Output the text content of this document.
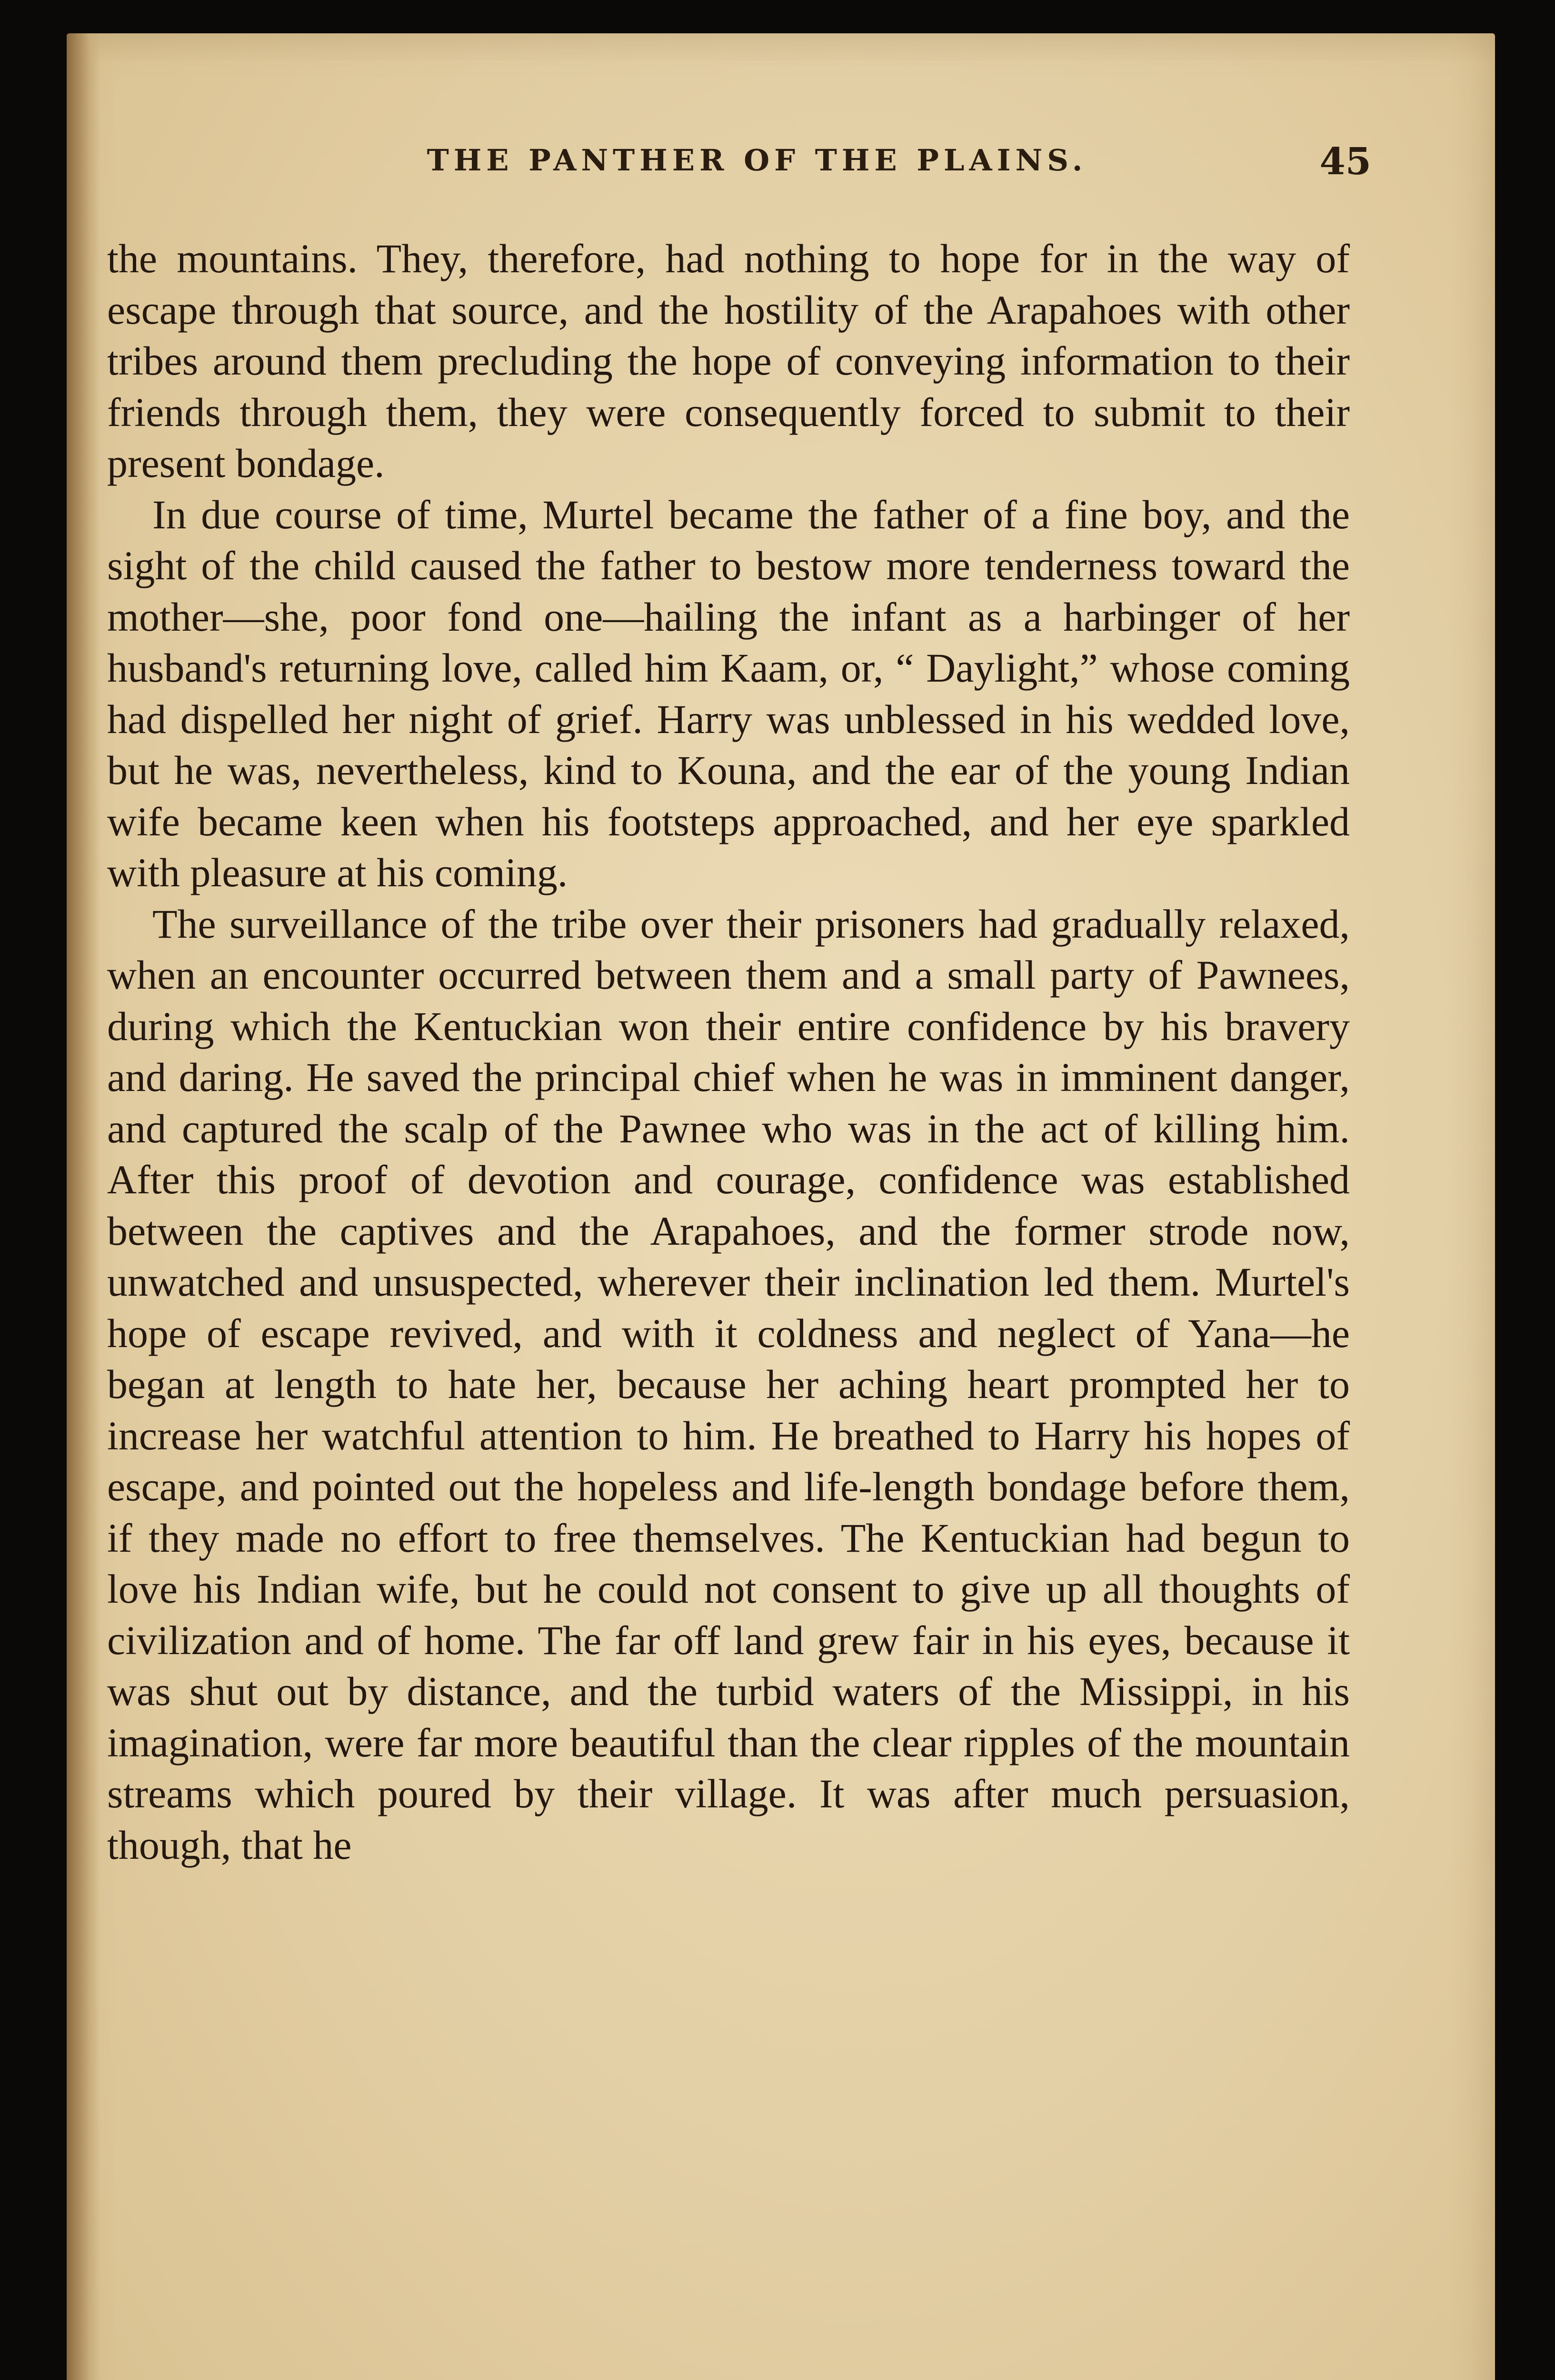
THE PANTHER OF THE PLAINS.	45

the mountains. They, therefore, had nothing to hope for in the way of escape through that source, and the hostility of the Arapahoes with other tribes around them precluding the hope of conveying information to their friends through them, they were consequently forced to submit to their present bondage.

In due course of time, Murtel became the father of a fine boy, and the sight of the child caused the father to bestow more tenderness toward the mother—she, poor fond one—hailing the infant as a harbinger of her husband's returning love, called him Kaam, or, “ Daylight,” whose coming had dispelled her night of grief. Harry was unblessed in his wedded love, but he was, nevertheless, kind to Kouna, and the ear of the young Indian wife became keen when his footsteps approached, and her eye sparkled with pleasure at his coming.

The surveillance of the tribe over their prisoners had gradually relaxed, when an encounter occurred between them and a small party of Pawnees, during which the Kentuckian won their entire confidence by his bravery and daring. He saved the principal chief when he was in imminent danger, and captured the scalp of the Pawnee who was in the act of killing him. After this proof of devotion and courage, confidence was established between the captives and the Arapahoes, and the former strode now, unwatched and unsuspected, wherever their inclination led them. Murtel's hope of escape revived, and with it coldness and neglect of Yana—he began at length to hate her, because her aching heart prompted her to increase her watchful attention to him. He breathed to Harry his hopes of escape, and pointed out the hopeless and life-length bondage before them, if they made no effort to free themselves. The Kentuckian had begun to love his Indian wife, but he could not consent to give up all thoughts of civilization and of home. The far off land grew fair in his eyes, because it was shut out by distance, and the turbid waters of the Missippi, in his imagination, were far more beautiful than the clear ripples of the mountain streams which poured by their village. It was after much persuasion, though, that he
